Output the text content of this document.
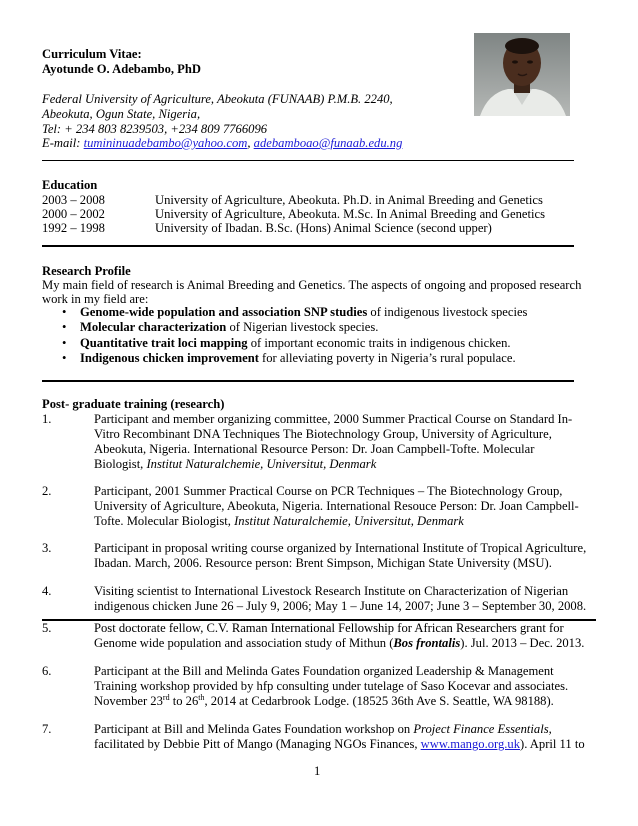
Curriculum Vitae:
Ayotunde O. Adebambo, PhD
Federal University of Agriculture, Abeokuta (FUNAAB) P.M.B. 2240,
Abeokuta, Ogun State, Nigeria,
Tel: + 234 803 8239503, +234 809 7766096
E-mail: tumininuadebambo@yahoo.com, adebamboao@funaab.edu.ng
Education
2003 – 2008	University of Agriculture, Abeokuta. Ph.D. in Animal Breeding and Genetics
2000 – 2002	University of Agriculture, Abeokuta. M.Sc. In Animal Breeding and Genetics
1992 – 1998	University of Ibadan. B.Sc. (Hons) Animal Science (second upper)
Research Profile
My main field of research is Animal Breeding and Genetics. The aspects of ongoing and proposed research
work in my field are:
• Genome-wide population and association SNP studies of indigenous livestock species
• Molecular characterization of Nigerian livestock species.
• Quantitative trait loci mapping of important economic traits in indigenous chicken.
• Indigenous chicken improvement for alleviating poverty in Nigeria’s rural populace.
Post- graduate training (research)
1.	Participant and member organizing committee, 2000 Summer Practical Course on Standard In-
Vitro Recombinant DNA Techniques The Biotechnology Group, University of Agriculture,
Abeokuta, Nigeria. International Resource Person: Dr. Joan Campbell-Tofte. Molecular
Biologist, Institut Naturalchemie, Universitut, Denmark
2.	Participant, 2001 Summer Practical Course on PCR Techniques – The Biotechnology Group,
University of Agriculture, Abeokuta, Nigeria. International Resouce Person: Dr. Joan Campbell-
Tofte. Molecular Biologist, Institut Naturalchemie, Universitut, Denmark
3.	Participant in proposal writing course organized by International Institute of Tropical Agriculture,
Ibadan. March, 2006. Resource person: Brent Simpson, Michigan State University (MSU).
4.	Visiting scientist to International Livestock Research Institute on Characterization of Nigerian
indigenous chicken June 26 – July 9, 2006; May 1 – June 14, 2007; June 3 – September 30, 2008.
5.	Post doctorate fellow, C.V. Raman International Fellowship for African Researchers grant for
Genome wide population and association study of Mithun (Bos frontalis). Jul. 2013 – Dec. 2013.
6.	Participant at the Bill and Melinda Gates Foundation organized Leadership & Management
Training workshop provided by hfp consulting under tutelage of Saso Kocevar and associates.
November 23rd to 26th, 2014 at Cedarbrook Lodge. (18525 36th Ave S. Seattle, WA 98188).
7.	Participant at Bill and Melinda Gates Foundation workshop on Project Finance Essentials,
facilitated by Debbie Pitt of Mango (Managing NGOs Finances, www.mango.org.uk). April 11 to
1
